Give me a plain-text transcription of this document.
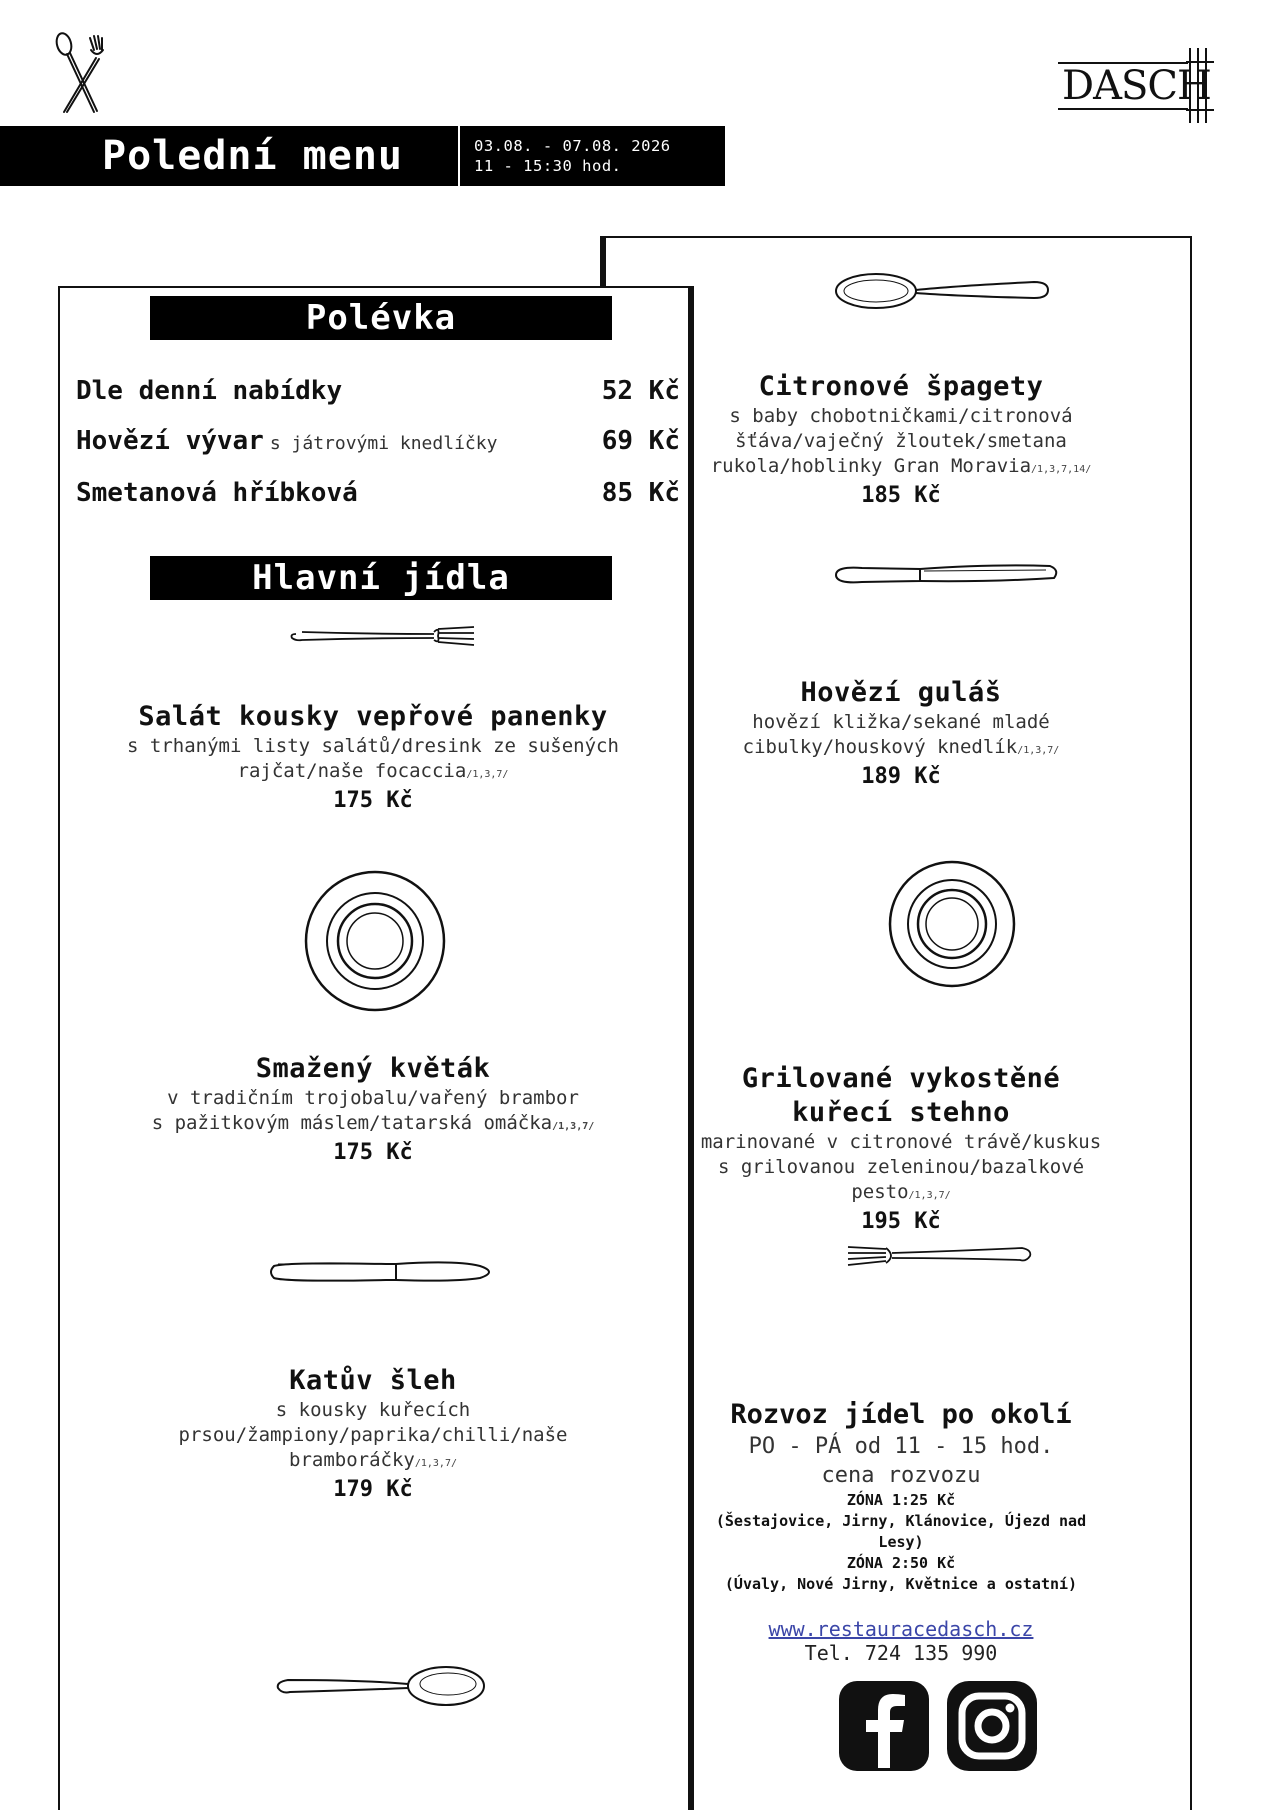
DASCH
Polední menu	03.08. - 07.08. 2026
11 - 15:30 hod.
Citronové špagety
s baby chobotničkami/citronová
šťáva/vaječný žloutek/smetana
rukola/hoblinky Gran Moravia/1,3,7,14/
185 Kč
Hovězí guláš
hovězí kližka/sekané mladé
cibulky/houskový knedlík/1,3,7/
189 Kč
Grilované vykostěné
kuřecí stehno
marinované v citronové trávě/kuskus
s grilovanou zeleninou/bazalkové
pesto/1,3,7/
195 Kč
Rozvoz jídel po okolí
PO - PÁ od 11 - 15 hod.
cena rozvozu
ZÓNA 1:25 Kč
(Šestajovice, Jirny, Klánovice, Újezd nad
Lesy)
ZÓNA 2:50 Kč
(Úvaly, Nové Jirny, Květnice a ostatní)
www.restauracedasch.cz
Tel. 724 135 990
Polévka
Dle denní nabídky	52 Kč
Hovězí vývar s játrovými knedlíčky	69 Kč
Smetanová hříbková	85 Kč
Hlavní jídla
Salát kousky vepřové panenky
s trhanými listy salátů/dresink ze sušených
rajčat/naše focaccia/1,3,7/
175 Kč
Smažený květák
v tradičním trojobalu/vařený brambor
s pažitkovým máslem/tatarská omáčka/1,3,7/
175 Kč
Katův šleh
s kousky kuřecích
prsou/žampiony/paprika/chilli/naše
bramboráčky/1,3,7/
179 Kč
